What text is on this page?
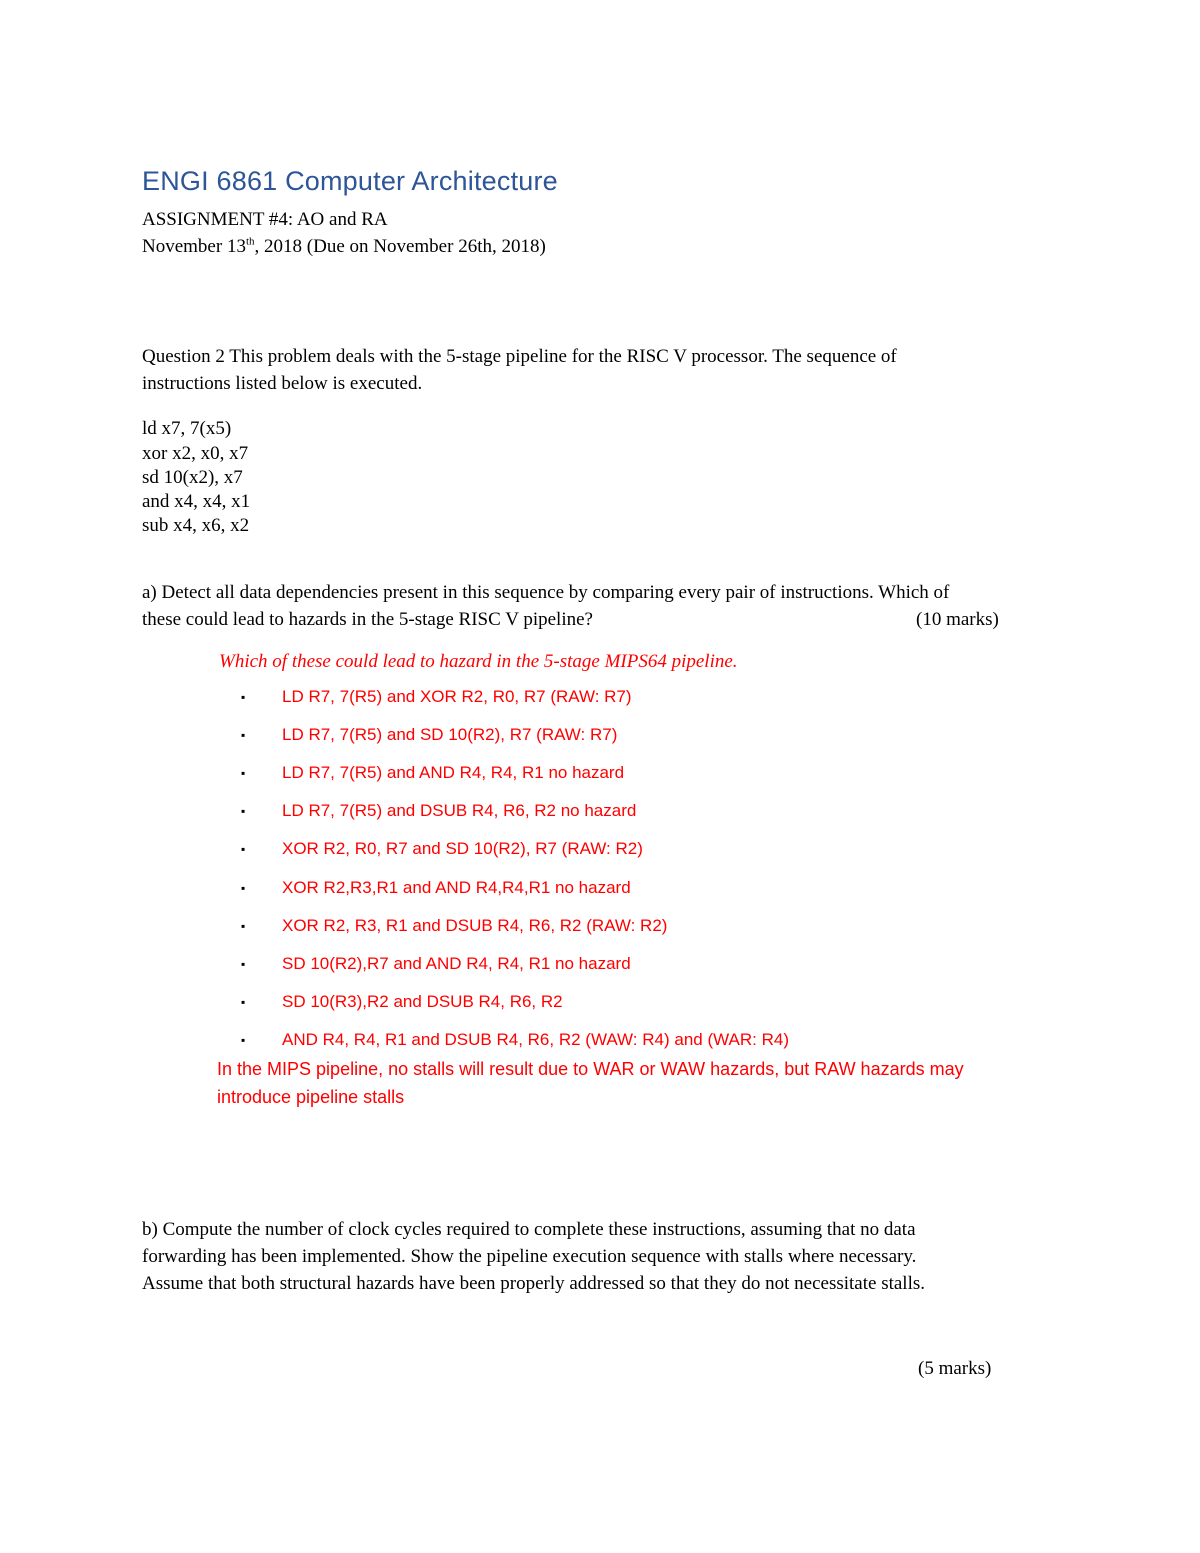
ENGI 6861 Computer Architecture
ASSIGNMENT #4: AO and RA
November 13th, 2018 (Due on November 26th, 2018)
Question 2 This problem deals with the 5-stage pipeline for the RISC V processor. The sequence of
instructions listed below is executed.
ld x7, 7(x5)
xor x2, x0, x7
sd 10(x2), x7
and x4, x4, x1
sub x4, x6, x2
a) Detect all data dependencies present in this sequence by comparing every pair of instructions. Which of
these could lead to hazards in the 5-stage RISC V pipeline?	(10 marks)
Which of these could lead to hazard in the 5-stage MIPS64 pipeline.
▪	LD R7, 7(R5) and XOR R2, R0, R7 (RAW: R7)
▪	LD R7, 7(R5) and SD 10(R2), R7 (RAW: R7)
▪	LD R7, 7(R5) and AND R4, R4, R1 no hazard
▪	LD R7, 7(R5) and DSUB R4, R6, R2 no hazard
▪	XOR R2, R0, R7 and SD 10(R2), R7 (RAW: R2)
▪	XOR R2,R3,R1 and AND R4,R4,R1 no hazard
▪	XOR R2, R3, R1 and DSUB R4, R6, R2 (RAW: R2)
▪	SD 10(R2),R7 and AND R4, R4, R1 no hazard
▪	SD 10(R3),R2 and DSUB R4, R6, R2
▪	AND R4, R4, R1 and DSUB R4, R6, R2 (WAW: R4) and (WAR: R4)
In the MIPS pipeline, no stalls will result due to WAR or WAW hazards, but RAW hazards may
introduce pipeline stalls
b) Compute the number of clock cycles required to complete these instructions, assuming that no data
forwarding has been implemented. Show the pipeline execution sequence with stalls where necessary.
Assume that both structural hazards have been properly addressed so that they do not necessitate stalls.
(5 marks)
